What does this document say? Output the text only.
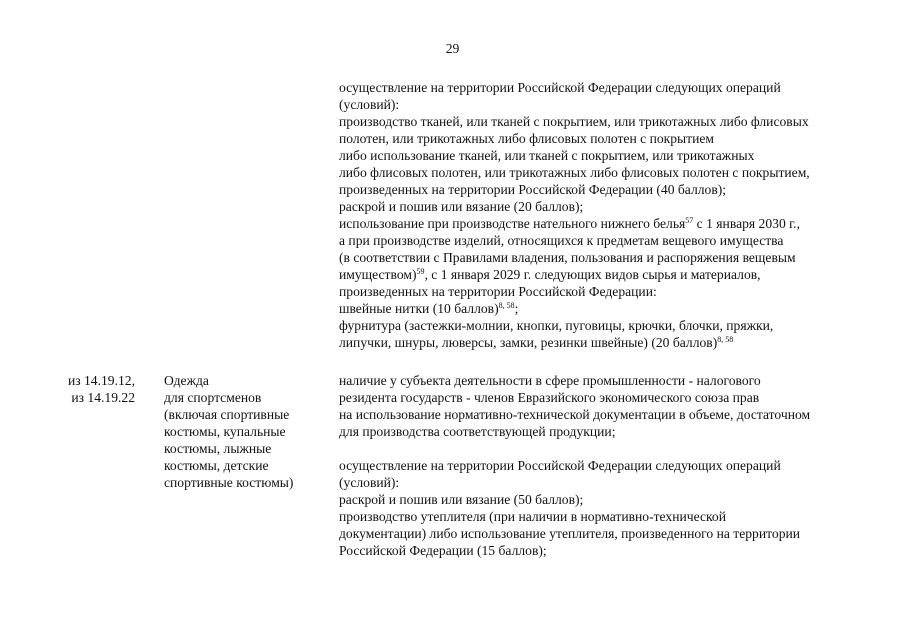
29
осуществление на территории Российской Федерации следующих операций
(условий):
производство тканей, или тканей с покрытием, или трикотажных либо флисовых
полотен, или трикотажных либо флисовых полотен с покрытием
либо использование тканей, или тканей с покрытием, или трикотажных
либо флисовых полотен, или трикотажных либо флисовых полотен с покрытием,
произведенных на территории Российской Федерации (40 баллов);
раскрой и пошив или вязание (20 баллов);
использование при производстве нательного нижнего белья$^{57}$ с 1 января 2030 г.,
а при производстве изделий, относящихся к предметам вещевого имущества
(в соответствии с Правилами владения, пользования и распоряжения вещевым
имуществом)$^{59}$, с 1 января 2029 г. следующих видов сырья и материалов,
произведенных на территории Российской Федерации:
швейные нитки (10 баллов)$^{8, 58}$;
фурнитура (застежки-молнии, кнопки, пуговицы, крючки, блочки, пряжки,
липучки, шнуры, люверсы, замки, резинки швейные) (20 баллов)$^{8, 58}$
из 14.19.12,
из 14.19.22
Одежда
для спортсменов
(включая спортивные
костюмы, купальные
костюмы, лыжные
костюмы, детские
спортивные костюмы)
наличие у субъекта деятельности в сфере промышленности - налогового
резидента государств - членов Евразийского экономического союза прав
на использование нормативно-технической документации в объеме, достаточном
для производства соответствующей продукции;
осуществление на территории Российской Федерации следующих операций
(условий):
раскрой и пошив или вязание (50 баллов);
производство утеплителя (при наличии в нормативно-технической
документации) либо использование утеплителя, произведенного на территории
Российской Федерации (15 баллов);
